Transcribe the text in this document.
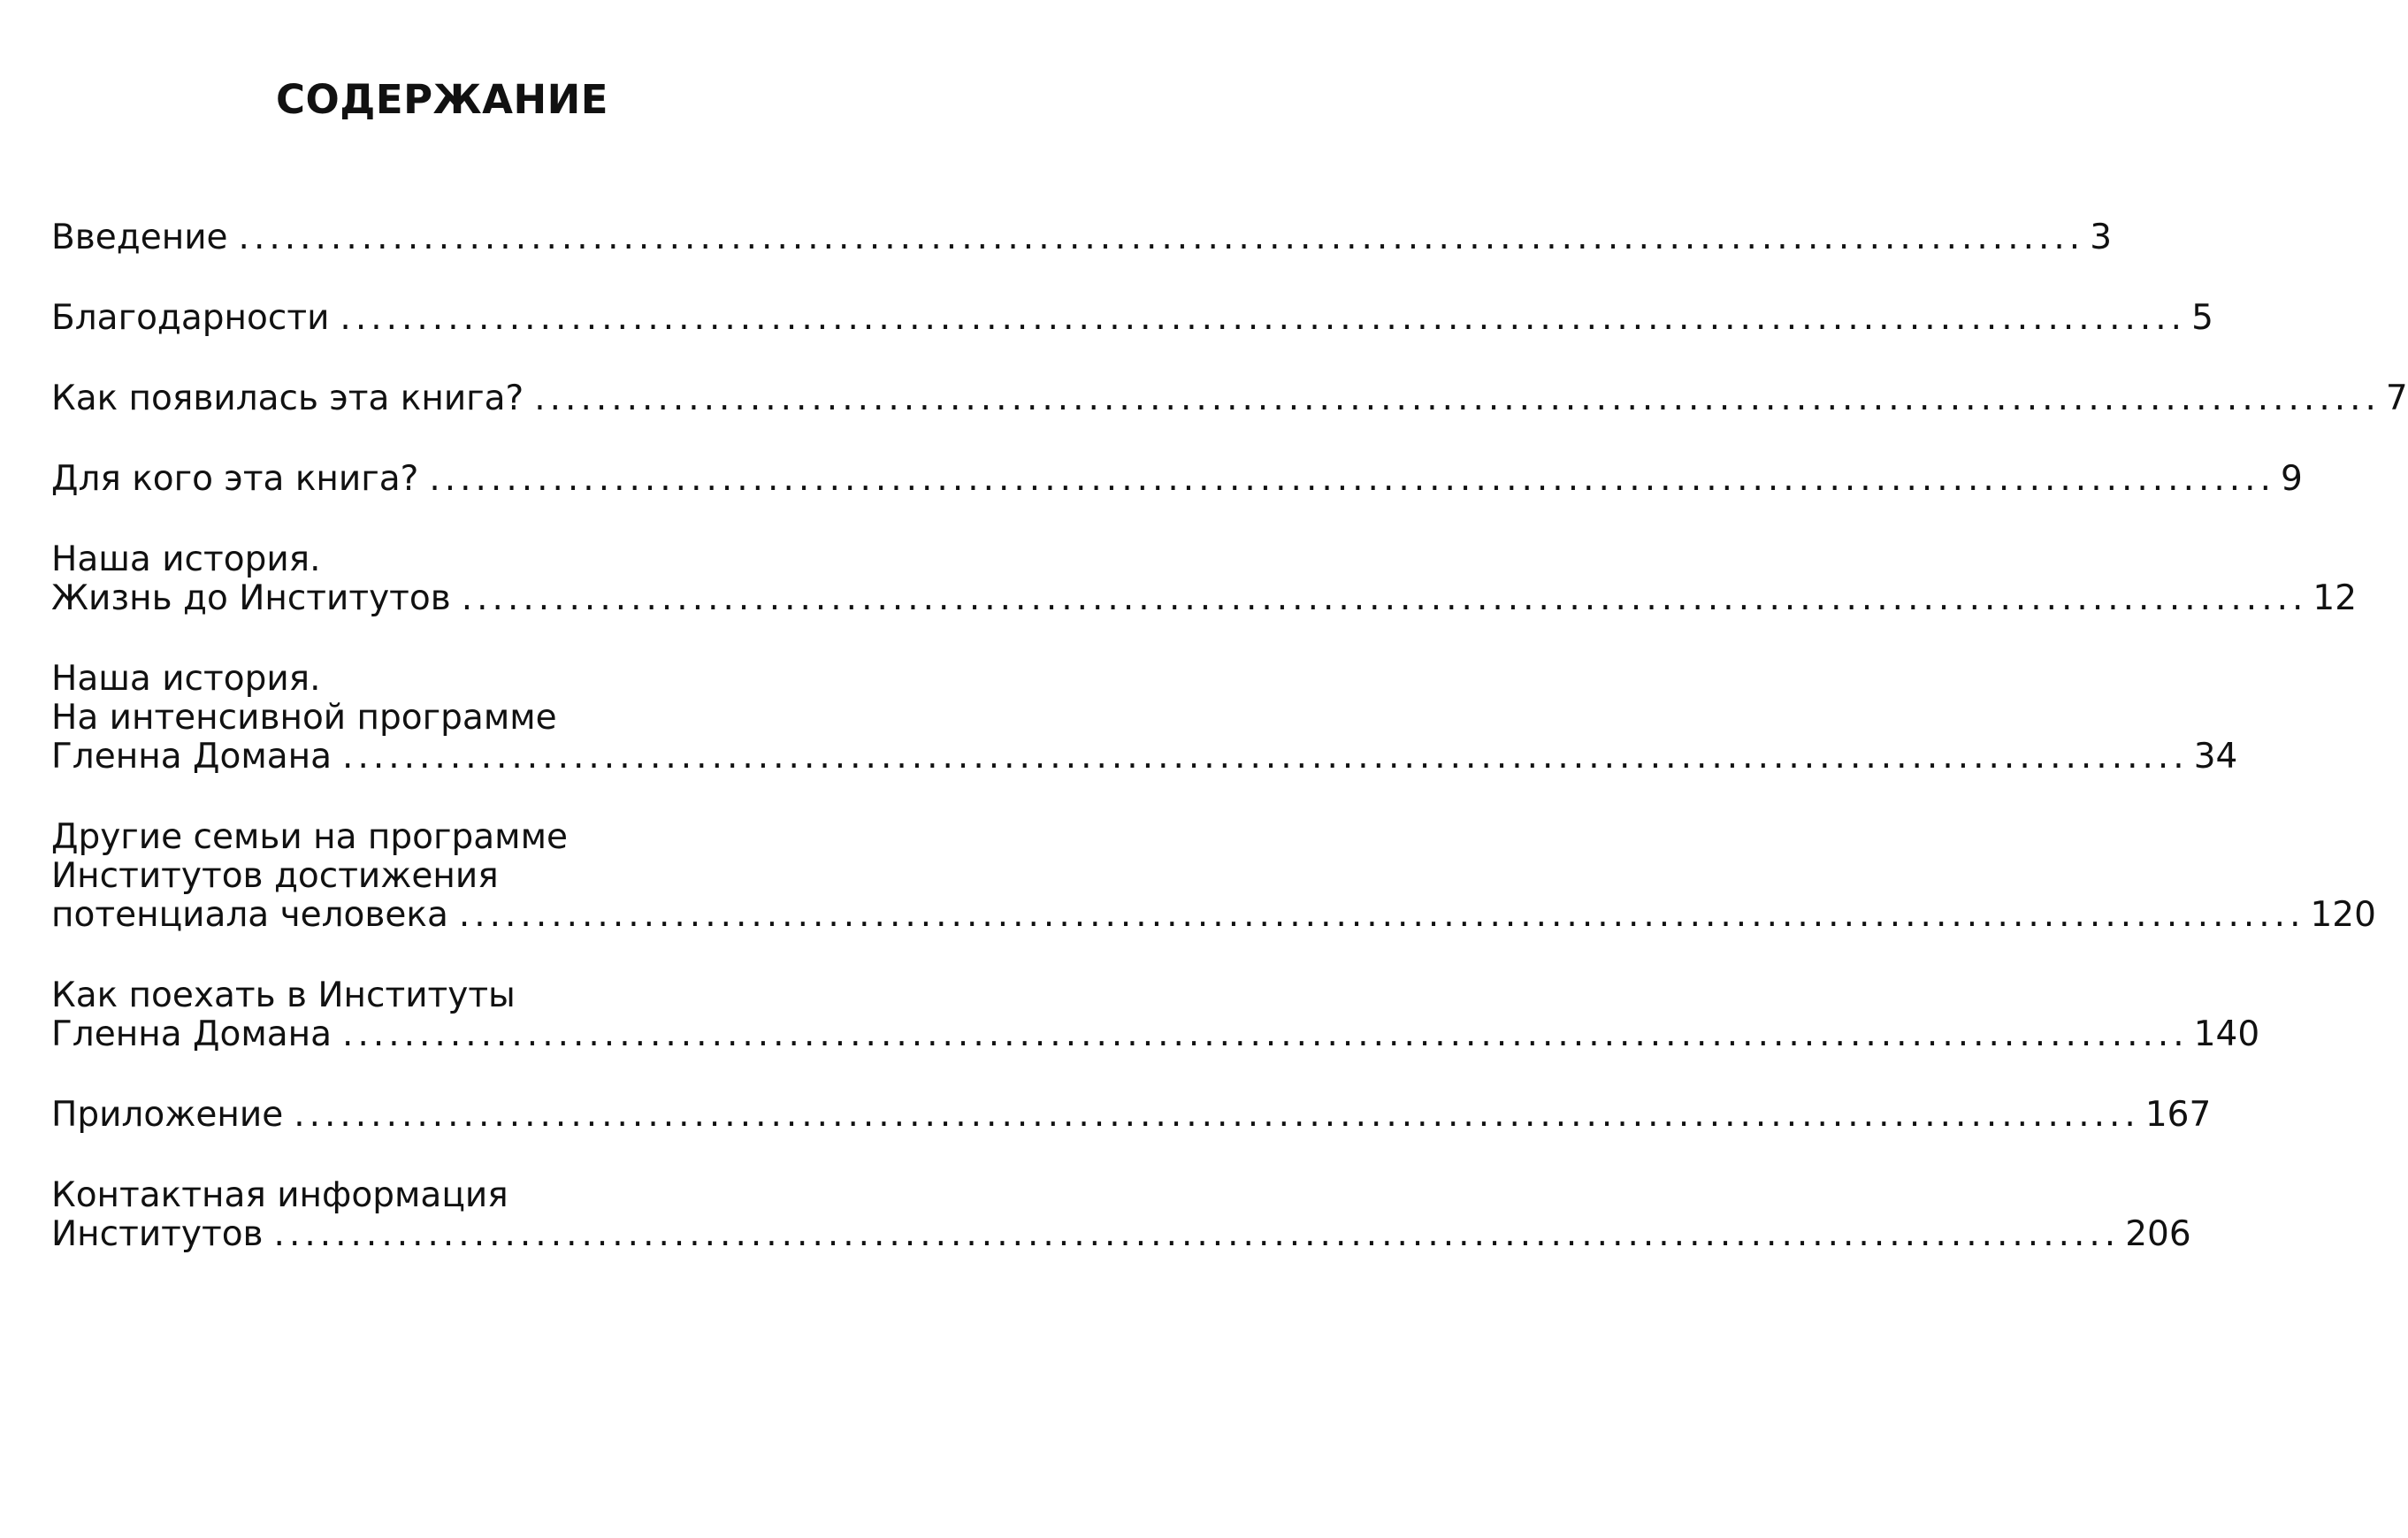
СОДЕРЖАНИЕ
Введение ........................................................................................................................ 3
Благодарности ........................................................................................................................ 5
Как появилась эта книга? ........................................................................................................................ 7
Для кого эта книга? ........................................................................................................................ 9
Наша история.
Жизнь до Институтов ........................................................................................................................ 12
Наша история.
На интенсивной программе
Гленна Домана ........................................................................................................................ 34
Другие семьи на программе
Институтов достижения
потенциала человека ........................................................................................................................ 120
Как поехать в Институты
Гленна Домана ........................................................................................................................ 140
Приложение ........................................................................................................................ 167
Контактная информация
Институтов ........................................................................................................................ 206
